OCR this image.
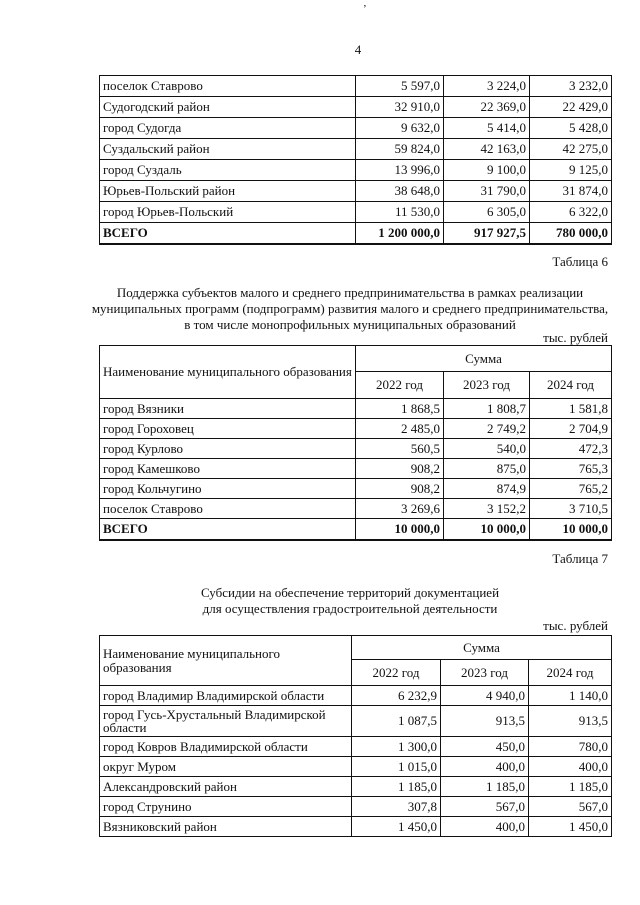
’
4
поселок Ставрово	5 597,0	3 224,0	3 232,0
Судогодский район	32 910,0	22 369,0	22 429,0
город Судогда	9 632,0	5 414,0	5 428,0
Суздальский район	59 824,0	42 163,0	42 275,0
город Суздаль	13 996,0	9 100,0	9 125,0
Юрьев-Польский район	38 648,0	31 790,0	31 874,0
город Юрьев-Польский	11 530,0	6 305,0	6 322,0
ВСЕГО	1 200 000,0	917 927,5	780 000,0
Таблица 6
Поддержка субъектов малого и среднего предпринимательства в рамках реализации
муниципальных программ (подпрограмм) развития малого и среднего предпринимательства,
в том числе монопрофильных муниципальных образований
тыс. рублей
Наименование муниципального образования	Сумма		
	2022 год	2023 год	2024 год
город Вязники	1 868,5	1 808,7	1 581,8
город Гороховец	2 485,0	2 749,2	2 704,9
город Курлово	560,5	540,0	472,3
город Камешково	908,2	875,0	765,3
город Кольчугино	908,2	874,9	765,2
поселок Ставрово	3 269,6	3 152,2	3 710,5
ВСЕГО	10 000,0	10 000,0	10 000,0
Таблица 7
Субсидии на обеспечение территорий документацией
для осуществления градостроительной деятельности
тыс. рублей
Наименование муниципального образования	Сумма		
	2022 год	2023 год	2024 год
город Владимир Владимирской области	6 232,9	4 940,0	1 140,0
город Гусь-Хрустальный Владимирской области	1 087,5	913,5	913,5
город Ковров Владимирской области	1 300,0	450,0	780,0
округ Муром	1 015,0	400,0	400,0
Александровский район	1 185,0	1 185,0	1 185,0
город Струнино	307,8	567,0	567,0
Вязниковский район	1 450,0	400,0	1 450,0
